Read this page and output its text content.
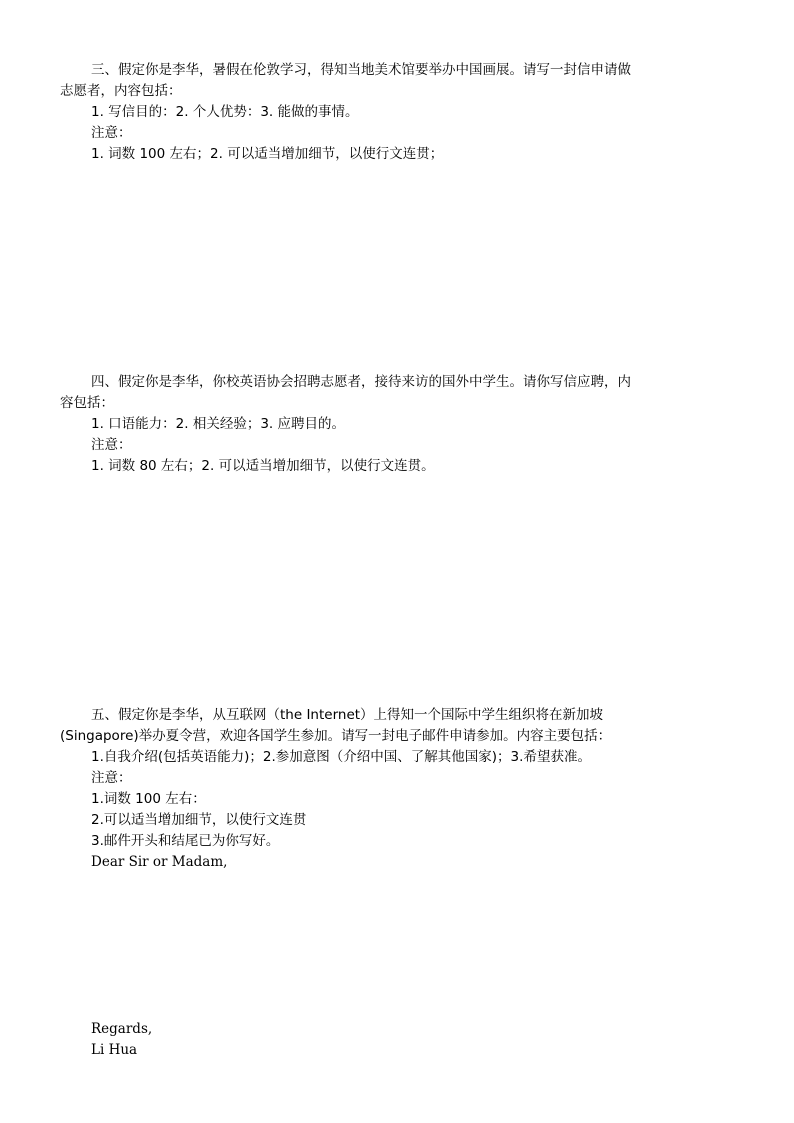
三、假定你是李华，暑假在伦敦学习，得知当地美术馆要举办中国画展。请写一封信申请做
志愿者，内容包括：
1. 写信目的：2. 个人优势：3. 能做的事情。
注意：
1. 词数 100 左右；2. 可以适当增加细节，以使行文连贯；
四、假定你是李华，你校英语协会招聘志愿者，接待来访的国外中学生。请你写信应聘，内
容包括：
1. 口语能力：2. 相关经验；3. 应聘目的。
注意：
1. 词数 80 左右；2. 可以适当增加细节，以使行文连贯。
五、假定你是李华，从互联网（the Internet）上得知一个国际中学生组织将在新加坡
(Singapore)举办夏令营，欢迎各国学生参加。请写一封电子邮件申请参加。内容主要包括：
1.自我介绍(包括英语能力)；2.参加意图（介绍中国、了解其他国家)；3.希望获准。
注意：
1.词数 100 左右：
2.可以适当增加细节，以使行文连贯
3.邮件开头和结尾已为你写好。
Dear Sir or Madam,
Regards,
Li Hua
